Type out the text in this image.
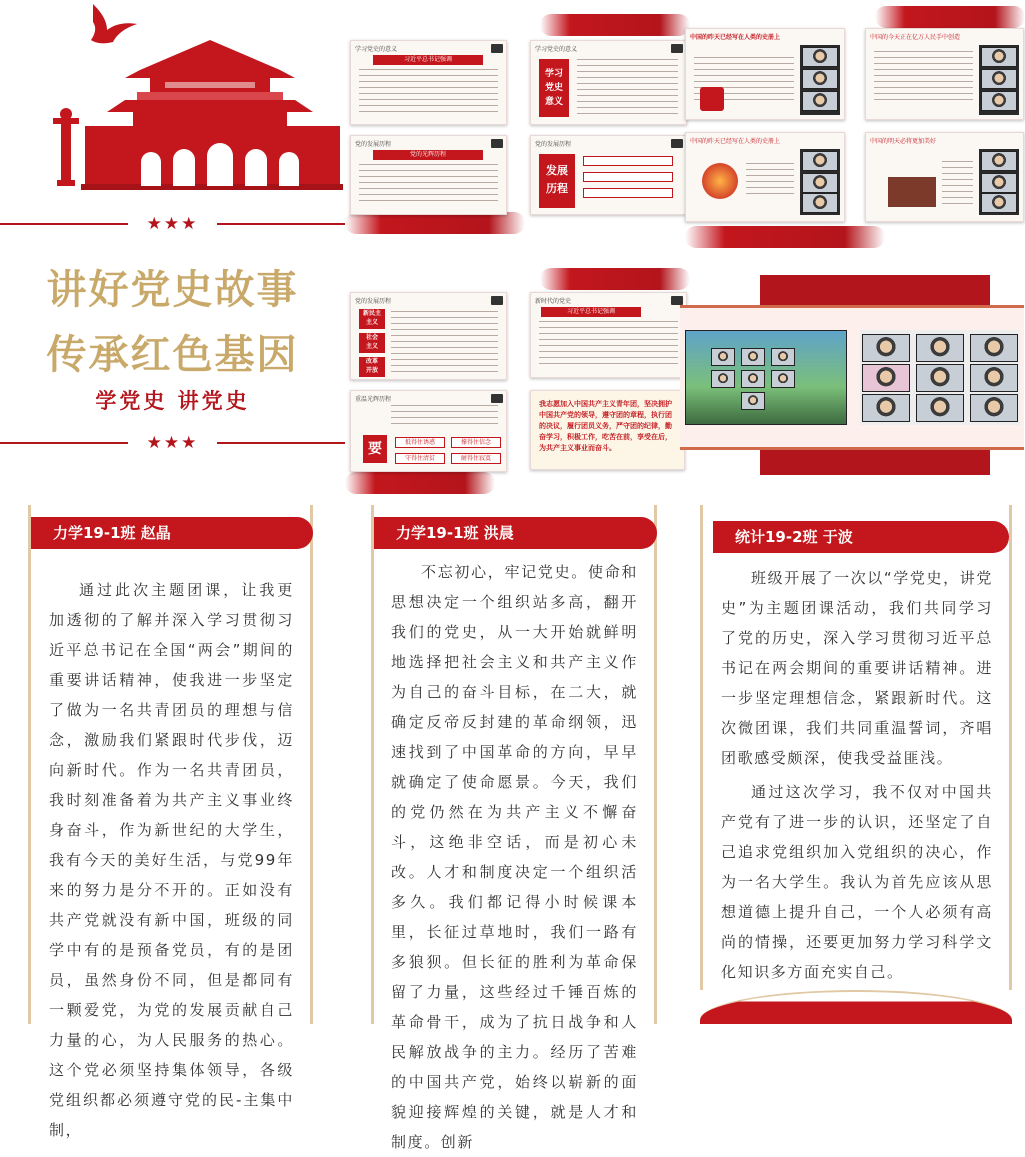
★★★
讲好党史故事
传承红色基因
学党史 讲党史
★★★
学习党史的意义
习近平总书记强调
学习党史的意义
学习
党史
意义
中国的昨天已经写在人类的史册上	中国的今天正在亿万人民手中创造
党的发展历程
党的光辉历程
党的发展历程
发展
历程
中国的昨天已经写在人类的史册上	中国的明天必将更加美好
党的发展历程
新民主
主义
社会
主义
改革
开放
新时代的党史
习近平总书记强调
重温光辉历程
要	抵得住诱惑	撑得住信念
守得住清贫	耐得住寂寞
我志愿加入中国共产主义青年团，坚决拥护中国共产党的领导，遵守团的章程，执行团的决议，履行团员义务，严守团的纪律，勤奋学习，积极工作，吃苦在前，享受在后，为共产主义事业而奋斗。
力学19-1班 赵晶

通过此次主题团课，让我更加透彻的了解并深入学习贯彻习近平总书记在全国“两会”期间的重要讲话精神，使我进一步坚定了做为一名共青团员的理想与信念，激励我们紧跟时代步伐，迈向新时代。作为一名共青团员，我时刻准备着为共产主义事业终身奋斗，作为新世纪的大学生，我有今天的美好生活，与党99年来的努力是分不开的。正如没有共产党就没有新中国，班级的同学中有的是预备党员，有的是团员，虽然身份不同，但是都同有一颗爱党，为党的发展贡献自己力量的心，为人民服务的热心。这个党必须坚持集体领导，各级党组织都必须遵守党的民-主集中制，

力学19-1班 洪晨

不忘初心，牢记党史。使命和思想决定一个组织站多高，翻开我们的党史，从一大开始就鲜明地选择把社会主义和共产主义作为自己的奋斗目标，在二大，就确定反帝反封建的革命纲领，迅速找到了中国革命的方向，早早就确定了使命愿景。今天，我们的党仍然在为共产主义不懈奋斗，这绝非空话，而是初心未改。人才和制度决定一个组织活多久。我们都记得小时候课本里，长征过草地时，我们一路有多狼狈。但长征的胜利为革命保留了力量，这些经过千锤百炼的革命骨干，成为了抗日战争和人民解放战争的主力。经历了苦难的中国共产党，始终以崭新的面貌迎接辉煌的关键，就是人才和制度。创新

统计19-2班 于波

班级开展了一次以“学党史，讲党史”为主题团课活动，我们共同学习了党的历史，深入学习贯彻习近平总书记在两会期间的重要讲话精神。进一步坚定理想信念，紧跟新时代。这次微团课，我们共同重温誓词，齐唱团歌感受颇深，使我受益匪浅。

通过这次学习，我不仅对中国共产党有了进一步的认识，还坚定了自己追求党组织加入党组织的决心，作为一名大学生。我认为首先应该从思想道德上提升自己，一个人必须有高尚的情操，还要更加努力学习科学文化知识多方面充实自己。
